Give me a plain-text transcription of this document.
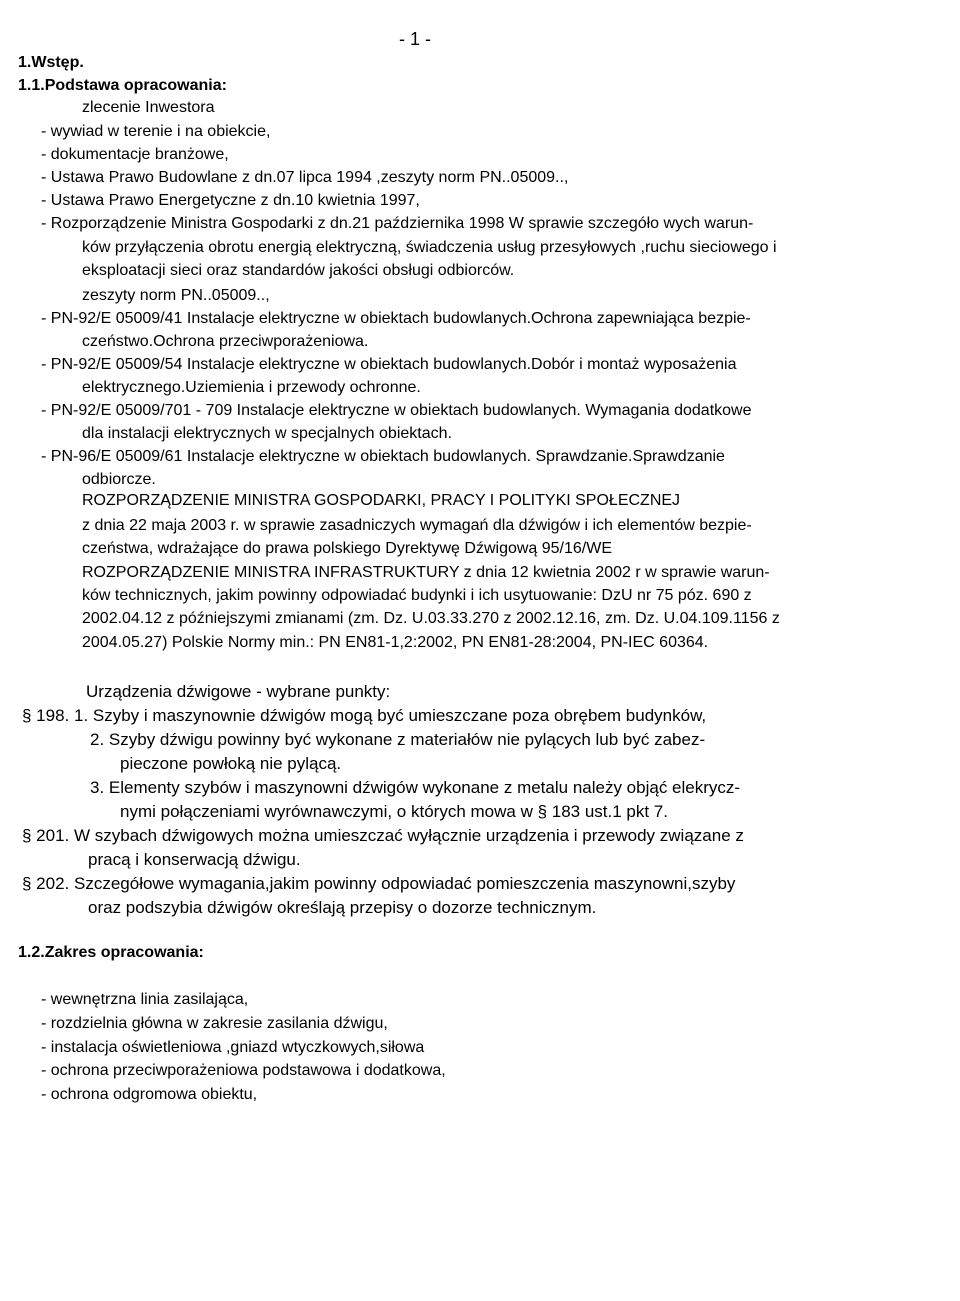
- 1 -
1.Wstęp.
1.1.Podstawa opracowania:
zlecenie Inwestora
- wywiad w terenie i na obiekcie,
- dokumentacje branżowe,
- Ustawa Prawo Budowlane z dn.07 lipca 1994 ,zeszyty norm PN..05009..,
- Ustawa Prawo Energetyczne z dn.10 kwietnia 1997,
- Rozporządzenie Ministra Gospodarki z dn.21 października 1998 W sprawie szczegóło wych warun-
ków przyłączenia obrotu energią elektryczną, świadczenia usług przesyłowych ,ruchu sieciowego i
eksploatacji sieci oraz standardów jakości obsługi odbiorców.
zeszyty norm PN..05009..,
- PN-92/E 05009/41 Instalacje elektryczne w obiektach budowlanych.Ochrona zapewniająca bezpie-
czeństwo.Ochrona przeciwporażeniowa.
- PN-92/E 05009/54 Instalacje elektryczne w obiektach budowlanych.Dobór i montaż wyposażenia
elektrycznego.Uziemienia i przewody ochronne.
- PN-92/E 05009/701 - 709 Instalacje elektryczne w obiektach budowlanych. Wymagania dodatkowe
dla instalacji elektrycznych w specjalnych obiektach.
- PN-96/E 05009/61 Instalacje elektryczne w obiektach budowlanych. Sprawdzanie.Sprawdzanie
odbiorcze.
ROZPORZĄDZENIE MINISTRA GOSPODARKI, PRACY I POLITYKI SPOŁECZNEJ
z dnia 22 maja 2003 r. w sprawie zasadniczych wymagań dla dźwigów i ich elementów bezpie-
czeństwa, wdrażające do prawa polskiego Dyrektywę Dźwigową 95/16/WE
ROZPORZĄDZENIE MINISTRA INFRASTRUKTURY z dnia 12 kwietnia 2002 r w sprawie warun-
ków technicznych, jakim powinny odpowiadać budynki i ich usytuowanie: DzU nr 75 póz. 690 z
2002.04.12 z późniejszymi zmianami (zm. Dz. U.03.33.270 z 2002.12.16, zm. Dz. U.04.109.1156 z
2004.05.27) Polskie Normy min.: PN EN81-1,2:2002, PN EN81-28:2004, PN-IEC 60364.
Urządzenia dźwigowe - wybrane punkty:
§ 198. 1. Szyby i maszynownie dźwigów mogą być umieszczane poza obrębem budynków,
2. Szyby dźwigu powinny być wykonane z materiałów nie pylących lub być zabez-
pieczone powłoką nie pylącą.
3. Elementy szybów i maszynowni dźwigów wykonane z metalu należy objąć elekrycz-
nymi połączeniami wyrównawczymi, o których mowa w § 183 ust.1 pkt 7.
§ 201. W szybach dźwigowych można umieszczać wyłącznie urządzenia i przewody związane z
pracą i konserwacją dźwigu.
§ 202. Szczegółowe wymagania,jakim powinny odpowiadać pomieszczenia maszynowni,szyby
oraz podszybia dźwigów określają przepisy o dozorze technicznym.
1.2.Zakres opracowania:
- wewnętrzna linia zasilająca,
- rozdzielnia główna w zakresie zasilania dźwigu,
- instalacja oświetleniowa ,gniazd wtyczkowych,siłowa
- ochrona przeciwporażeniowa podstawowa i dodatkowa,
- ochrona odgromowa obiektu,
